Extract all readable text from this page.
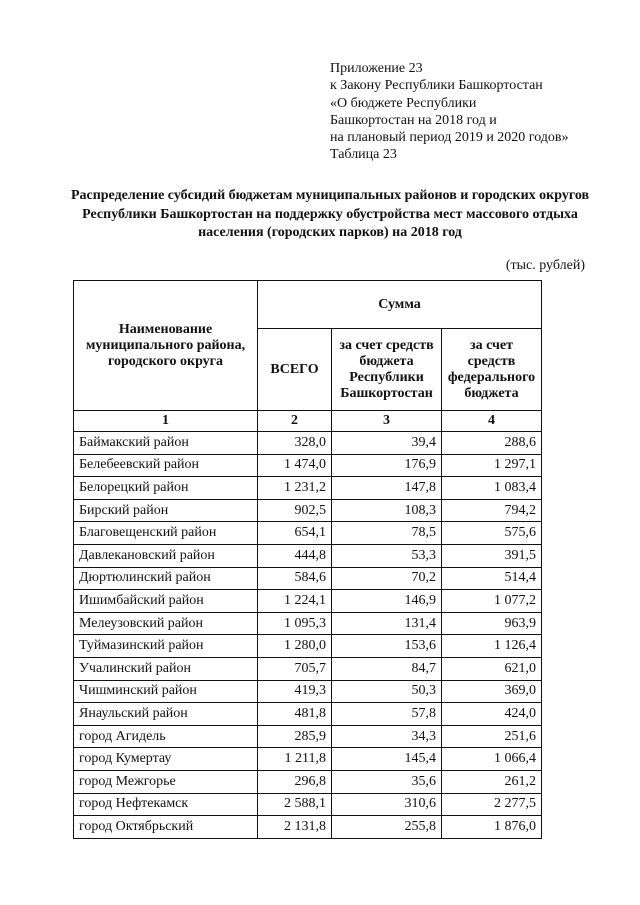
Приложение 23
к Закону Республики Башкортостан
«О бюджете Республики
Башкортостан на 2018 год и
на плановый период 2019 и 2020 годов»
Таблица 23
Распределение субсидий бюджетам муниципальных районов и городских округов Республики Башкортостан на поддержку обустройства мест массового отдыха населения (городских парков) на 2018 год
(тыс. рублей)
Наименование муниципального района, городского округа	Сумма		
	ВСЕГО	за счет средств бюджета Республики Башкортостан	за счет средств федерального бюджета
1	2	3	4
Баймакский район	328,0	39,4	288,6
Белебеевский район	1 474,0	176,9	1 297,1
Белорецкий район	1 231,2	147,8	1 083,4
Бирский район	902,5	108,3	794,2
Благовещенский район	654,1	78,5	575,6
Давлекановский район	444,8	53,3	391,5
Дюртюлинский район	584,6	70,2	514,4
Ишимбайский район	1 224,1	146,9	1 077,2
Мелеузовский район	1 095,3	131,4	963,9
Туймазинский район	1 280,0	153,6	1 126,4
Учалинский район	705,7	84,7	621,0
Чишминский район	419,3	50,3	369,0
Янаульский район	481,8	57,8	424,0
город Агидель	285,9	34,3	251,6
город Кумертау	1 211,8	145,4	1 066,4
город Межгорье	296,8	35,6	261,2
город Нефтекамск	2 588,1	310,6	2 277,5
город Октябрьский	2 131,8	255,8	1 876,0
